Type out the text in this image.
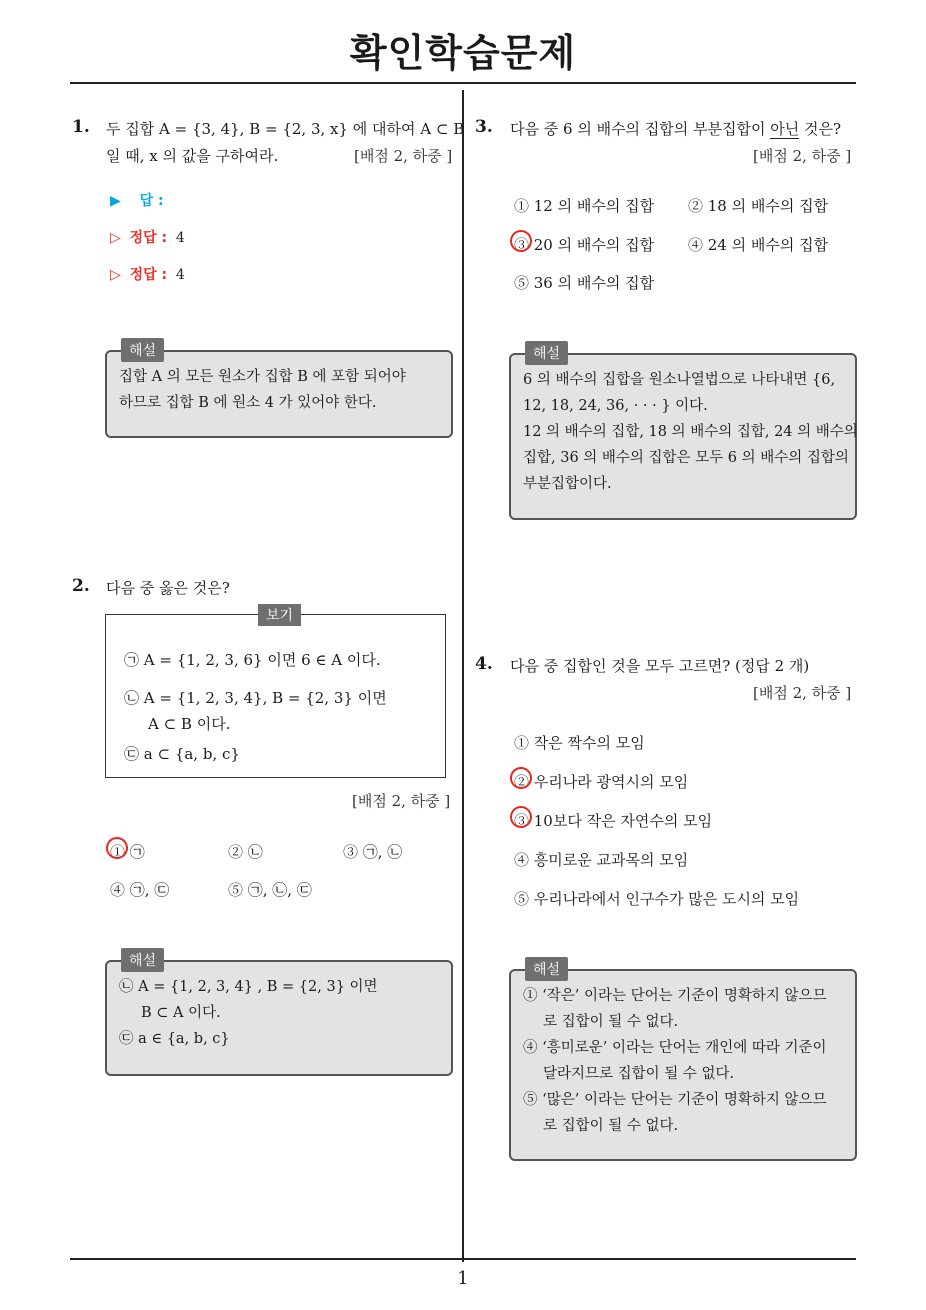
확인학습문제
1. 두 집합 A = {3, 4}, B = {2, 3, x} 에 대하여 A ⊂ B
일 때, x 의 값을 구하여라.	[배점 2, 하중 ]
▶ 답 :
▷ 정답 : 4
▷ 정답 : 4
해설

집합 A 의 모든 원소가 집합 B 에 포함 되어야

하므로 집합 B 에 원소 4 가 있어야 한다.

2. 다음 중 옳은 것은?
보기
㉠ A = {1, 2, 3, 6} 이면 6 ∈ A 이다.
㉡ A = {1, 2, 3, 4}, B = {2, 3} 이면
A ⊂ B 이다.
㉢ a ⊂ {a, b, c}
[배점 2, 하중 ]
① ㉠	② ㉡	③ ㉠, ㉡
④ ㉠, ㉢	⑤ ㉠, ㉡, ㉢
해설

㉡ A = {1, 2, 3, 4} , B = {2, 3} 이면

B ⊂ A 이다.

㉢ a ∈ {a, b, c}

3. 다음 중 6 의 배수의 집합의 부분집합이 아닌 것은?
[배점 2, 하중 ]
① 12 의 배수의 집합 ② 18 의 배수의 집합
③ 20 의 배수의 집합 ④ 24 의 배수의 집합
⑤ 36 의 배수의 집합
해설

6 의 배수의 집합을 원소나열법으로 나타내면 {6,

12, 18, 24, 36, · · · } 이다.

12 의 배수의 집합, 18 의 배수의 집합, 24 의 배수의

집합, 36 의 배수의 집합은 모두 6 의 배수의 집합의

부분집합이다.

4. 다음 중 집합인 것을 모두 고르면? (정답 2 개)
[배점 2, 하중 ]
① 작은 짝수의 모임
② 우리나라 광역시의 모임
③ 10보다 작은 자연수의 모임
④ 흥미로운 교과목의 모임
⑤ 우리나라에서 인구수가 많은 도시의 모임
해설

① ‘작은’ 이라는 단어는 기준이 명확하지 않으므

로 집합이 될 수 없다.

④ ‘흥미로운’ 이라는 단어는 개인에 따라 기준이

달라지므로 집합이 될 수 없다.

⑤ ‘많은’ 이라는 단어는 기준이 명확하지 않으므

로 집합이 될 수 없다.

1
